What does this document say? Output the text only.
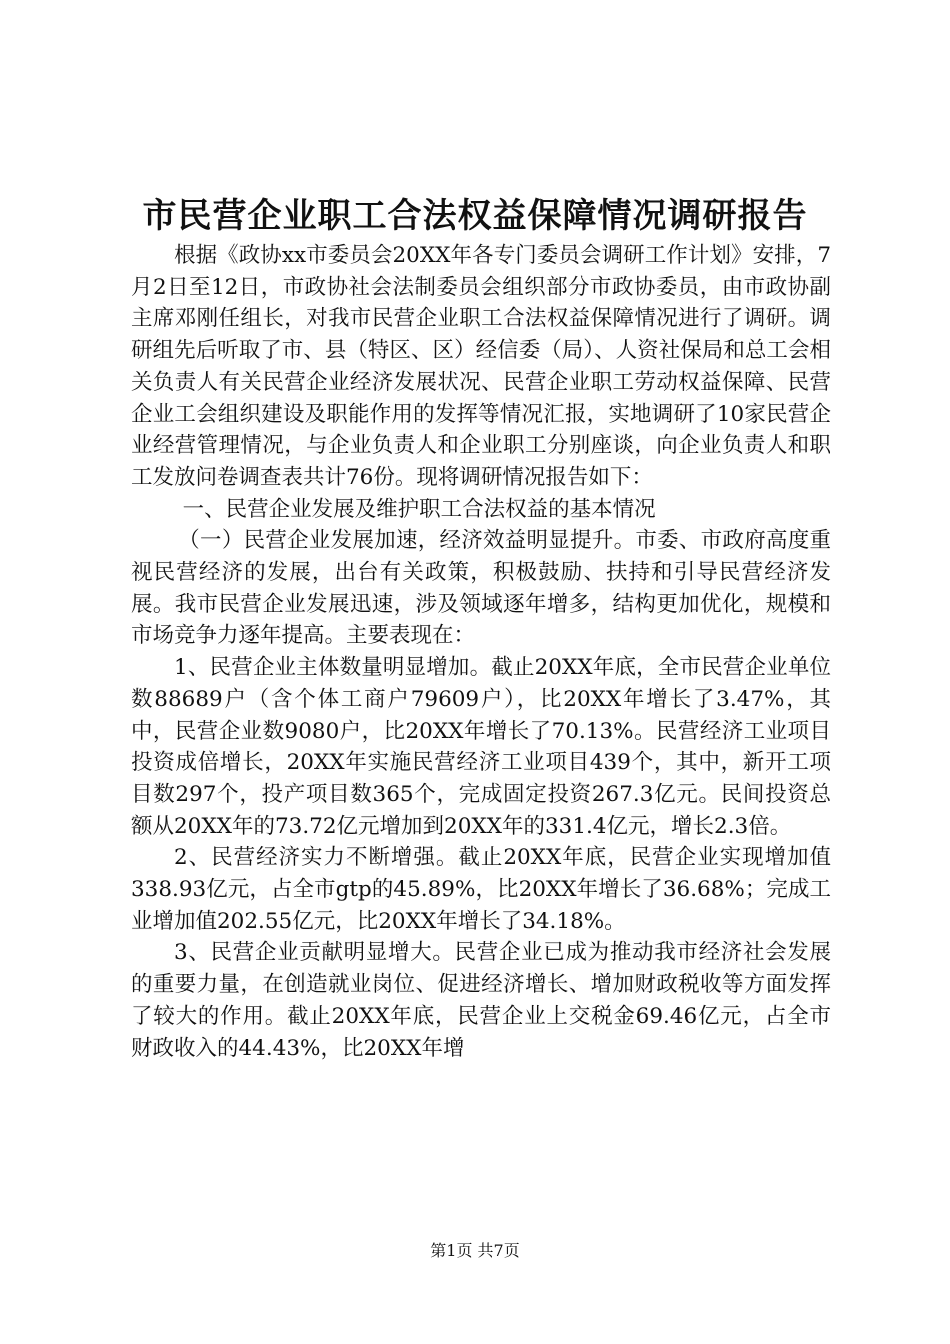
市民营企业职工合法权益保障情况调研报告

根据《政协xx市委员会20XX年各专门委员会调研工作计划》安排，7月2日至12日，市政协社会法制委员会组织部分市政协委员，由市政协副主席邓刚任组长，对我市民营企业职工合法权益保障情况进行了调研。调研组先后听取了市、县（特区、区）经信委（局）、人资社保局和总工会相关负责人有关民营企业经济发展状况、民营企业职工劳动权益保障、民营企业工会组织建设及职能作用的发挥等情况汇报，实地调研了10家民营企业经营管理情况，与企业负责人和企业职工分别座谈，向企业负责人和职工发放问卷调查表共计76份。现将调研情况报告如下：

一、民营企业发展及维护职工合法权益的基本情况

（一）民营企业发展加速，经济效益明显提升。市委、市政府高度重视民营经济的发展，出台有关政策，积极鼓励、扶持和引导民营经济发展。我市民营企业发展迅速，涉及领域逐年增多，结构更加优化，规模和市场竞争力逐年提高。主要表现在：

1、民营企业主体数量明显增加。截止20XX年底，全市民营企业单位数88689户（含个体工商户79609户），比20XX年增长了3.47%，其中，民营企业数9080户，比20XX年增长了70.13%。民营经济工业项目投资成倍增长，20XX年实施民营经济工业项目439个，其中，新开工项目数297个，投产项目数365个，完成固定投资267.3亿元。民间投资总额从20XX年的73.72亿元增加到20XX年的331.4亿元，增长2.3倍。

2、民营经济实力不断增强。截止20XX年底，民营企业实现增加值338.93亿元，占全市gtp的45.89%，比20XX年增长了36.68%；完成工业增加值202.55亿元，比20XX年增长了34.18%。

3、民营企业贡献明显增大。民营企业已成为推动我市经济社会发展的重要力量，在创造就业岗位、促进经济增长、增加财政税收等方面发挥了较大的作用。截止20XX年底，民营企业上交税金69.46亿元，占全市财政收入的44.43%，比20XX年增

第1页 共7页
